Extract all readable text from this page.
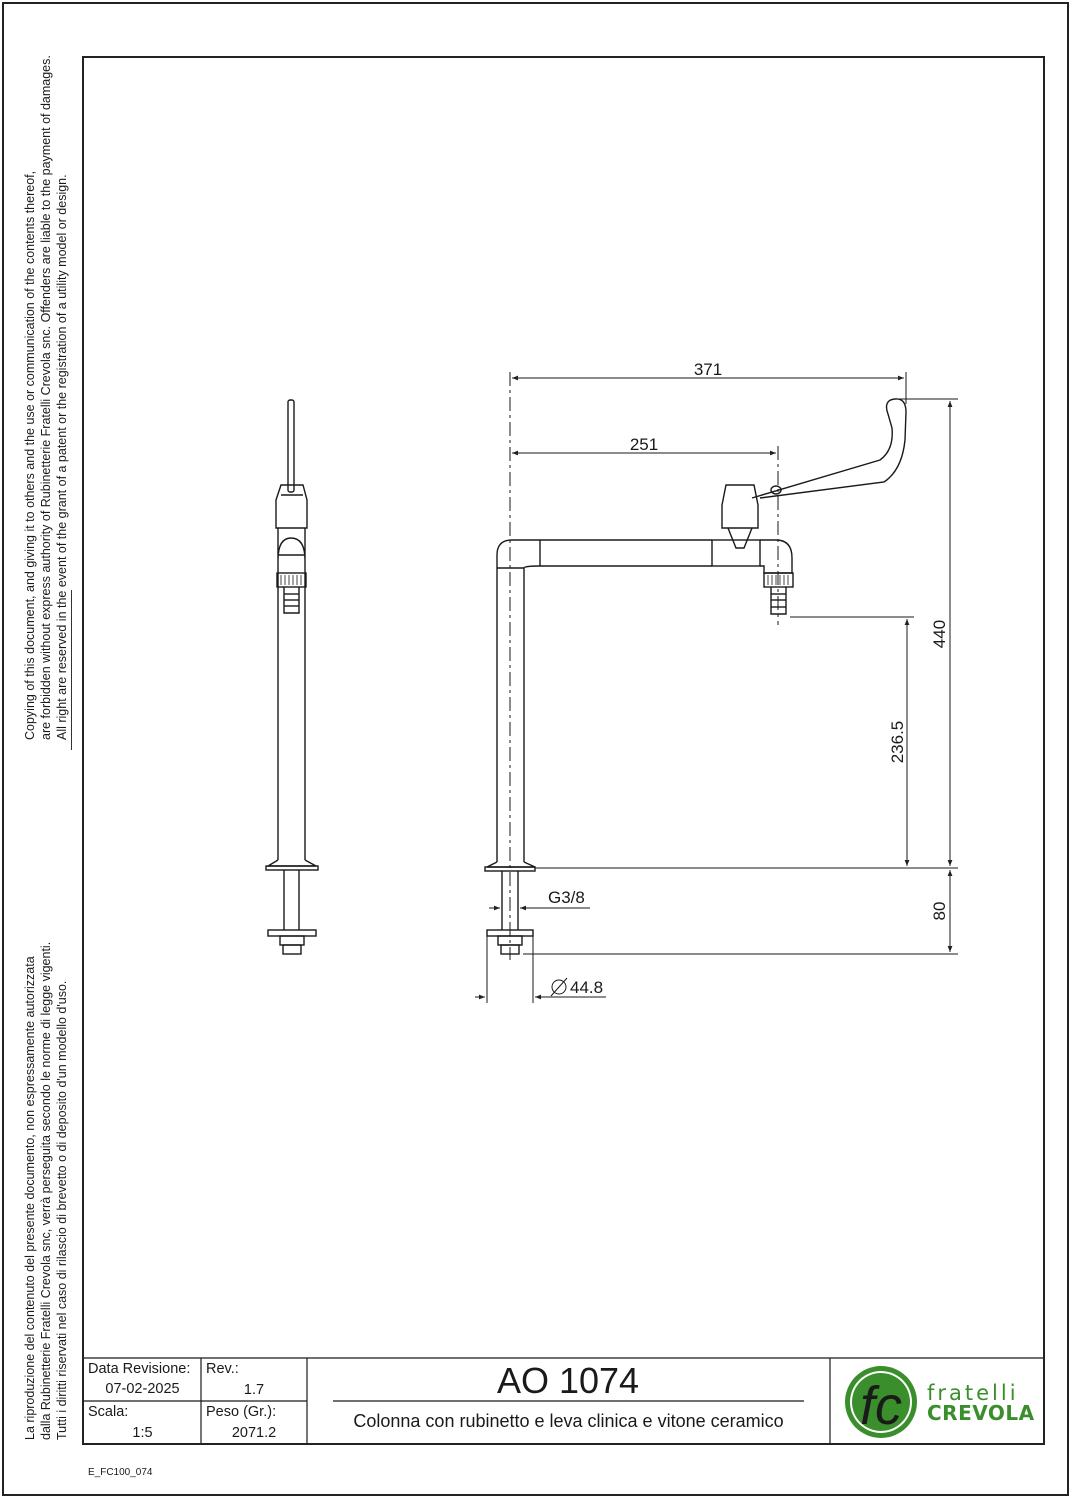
Copying of this document, and giving it to others and the use or communication of the contents thereof, are forbidden without express authority of Rubinetterie Fratelli Crevola snc. Offenders are liable to the payment of damages. All right are reserved in the event of the grant of a patent or the registration of a utility model or design.
La riproduzione del contenuto del presente documento, non espressamente autorizzata dalla Rubinetterie Fratelli Crevola snc, verrà perseguita secondo le norme di legge vigenti. Tutti i diritti riservati nel caso di rilascio di brevetto o di deposito d'un modello d'uso.
371
251
440
236.5
80
G3/8
44.8
fc
Data Revisione:
07-02-2025
Rev.:
1.7
Scala:
1:5
Peso (Gr.):
2071.2
AO 1074
Colonna con rubinetto e leva clinica e vitone ceramico
fratelli
CREVOLA
E_FC100_074
